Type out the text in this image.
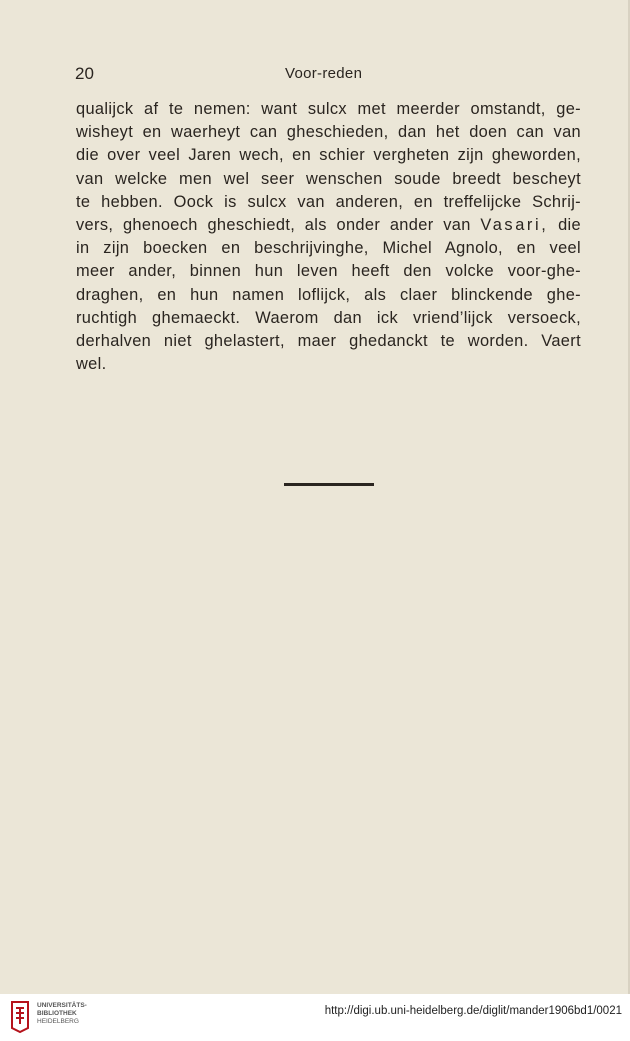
20	Voor-reden
qualijck af te nemen: want sulcx met meerder omstandt, ge-
wisheyt en waerheyt can gheschieden, dan het doen can van
die over veel Jaren wech, en schier vergheten zijn gheworden,
van welcke men wel seer wenschen soude breedt bescheyt
te hebben. Oock is sulcx van anderen, en treffelijcke Schrij-
vers, ghenoech gheschiedt, als onder ander van Vasari, die
in zijn boecken en beschrijvinghe, Michel Agnolo, en veel
meer ander, binnen hun leven heeft den volcke voor-ghe-
draghen, en hun namen loflijck, als claer blinckende ghe-
ruchtigh ghemaeckt. Waerom dan ick vriend’lijck versoeck,
derhalven niet ghelastert, maer ghedanckt te worden. Vaert
wel.
UNIVERSITÄTS-
BIBLIOTHEK
HEIDELBERG
http://digi.ub.uni-heidelberg.de/diglit/mander1906bd1/0021
